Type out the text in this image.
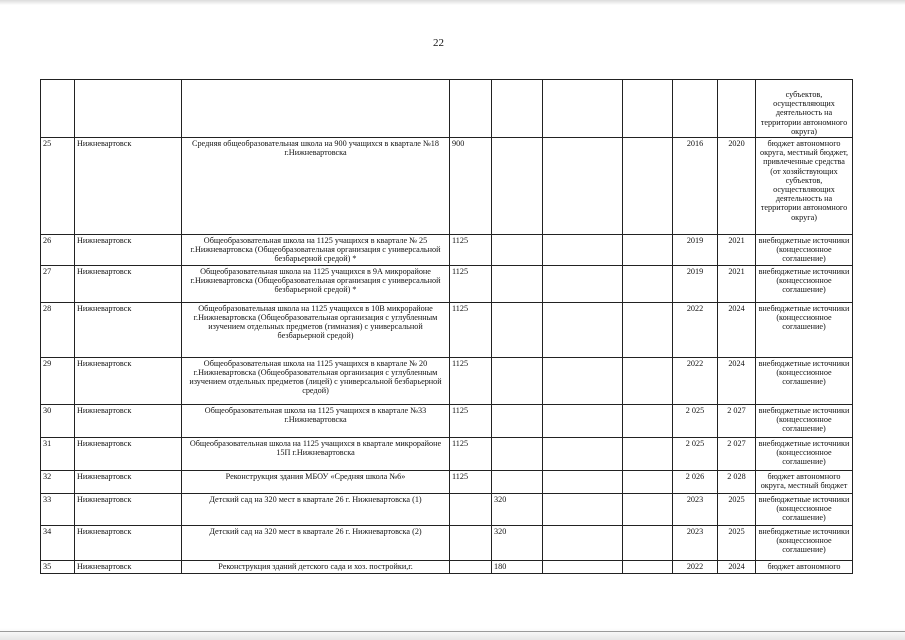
22
									субъектов, осуществляющих деятельность на территории автономного округа)
25	Нижневартовск	Средняя общеобразовательная школа на 900 учащихся в квартале №18 г.Нижневартовска	900				2016	2020	бюджет автономного округа, местный бюджет, привлеченные средства (от хозяйствующих субъектов, осуществляющих деятельность на территории автономного округа)
26	Нижневартовск	Общеобразовательная школа на 1125 учащихся в квартале № 25 г.Нижневартовска (Общеобразовательная организация с универсальной безбарьерной средой) *	1125				2019	2021	внебюджетные источники (концессионное соглашение)
27	Нижневартовск	Общеобразовательная школа на 1125 учащихся в 9А микрорайоне г.Нижневартовска (Общеобразовательная организация с универсальной безбарьерной средой) *	1125				2019	2021	внебюджетные источники (концессионное соглашение)
28	Нижневартовск	Общеобразовательная школа на 1125 учащихся в 10В микрорайоне г.Нижневартовска (Общеобразовательная организация с углубленным изучением отдельных предметов (гимназия) с универсальной безбарьерной средой)	1125				2022	2024	внебюджетные источники (концессионное соглашение)
29	Нижневартовск	Общеобразовательная школа на 1125 учащихся в квартале № 20 г.Нижневартовска (Общеобразовательная организация с углубленным изучением отдельных предметов (лицей) с универсальной безбарьерной средой)	1125				2022	2024	внебюджетные источники (концессионное соглашение)
30	Нижневартовск	Общеобразовательная школа на 1125 учащихся в квартале №33 г.Нижневартовска	1125				2 025	2 027	внебюджетные источники (концессионное соглашение)
31	Нижневартовск	Общеобразовательная школа на 1125 учащихся в квартале микрорайоне 15П г.Нижневартовска	1125				2 025	2 027	внебюджетные источники (концессионное соглашение)
32	Нижневартовск	Реконструкция здания МБОУ «Средняя школа №6»	1125				2 026	2 028	бюджет автономного округа, местный бюджет
33	Нижневартовск	Детский сад на 320 мест в квартале 26 г. Нижневартовска (1)		320			2023	2025	внебюджетные источники (концессионное соглашение)
34	Нижневартовск	Детский сад на 320 мест в квартале 26 г. Нижневартовска (2)		320			2023	2025	внебюджетные источники (концессионное соглашение)
35	Нижневартовск	Реконструкция зданий детского сада и хоз. постройки,г.		180			2022	2024	бюджет автономного
